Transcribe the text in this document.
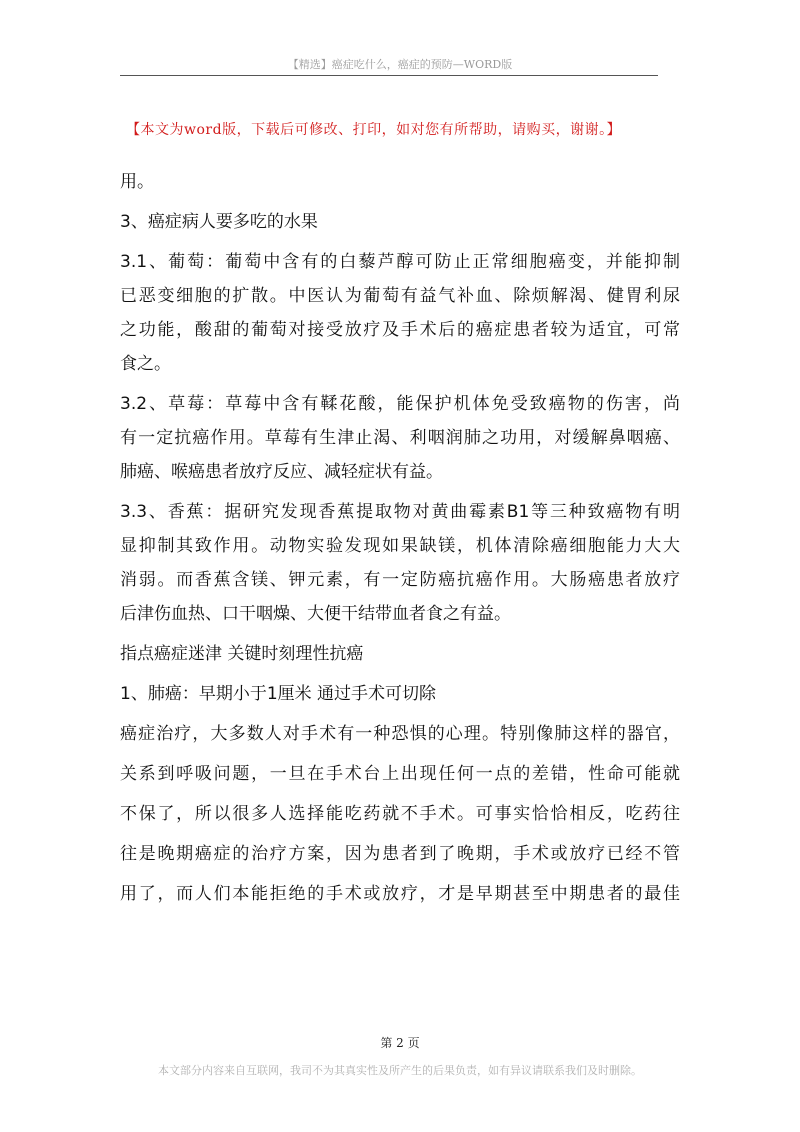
【精选】癌症吃什么，癌症的预防—WORD版
【本文为word版，下载后可修改、打印，如对您有所帮助，请购买，谢谢。】
用。
3、癌症病人要多吃的水果
3.1、葡萄：葡萄中含有的白藜芦醇可防止正常细胞癌变，并能抑制
已恶变细胞的扩散。中医认为葡萄有益气补血、除烦解渴、健胃利尿
之功能，酸甜的葡萄对接受放疗及手术后的癌症患者较为适宜，可常
食之。
3.2、草莓：草莓中含有鞣花酸，能保护机体免受致癌物的伤害，尚
有一定抗癌作用。草莓有生津止渴、利咽润肺之功用，对缓解鼻咽癌、
肺癌、喉癌患者放疗反应、减轻症状有益。
3.3、香蕉：据研究发现香蕉提取物对黄曲霉素B1等三种致癌物有明
显抑制其致作用。动物实验发现如果缺镁，机体清除癌细胞能力大大
消弱。而香蕉含镁、钾元素，有一定防癌抗癌作用。大肠癌患者放疗
后津伤血热、口干咽燥、大便干结带血者食之有益。
指点癌症迷津 关键时刻理性抗癌
1、肺癌：早期小于1厘米 通过手术可切除
癌症治疗，大多数人对手术有一种恐惧的心理。特别像肺这样的器官，
关系到呼吸问题，一旦在手术台上出现任何一点的差错，性命可能就
不保了，所以很多人选择能吃药就不手术。可事实恰恰相反，吃药往
往是晚期癌症的治疗方案，因为患者到了晚期，手术或放疗已经不管
用了，而人们本能拒绝的手术或放疗，才是早期甚至中期患者的最佳
第 2 页
本文部分内容来自互联网，我司不为其真实性及所产生的后果负责，如有异议请联系我们及时删除。
